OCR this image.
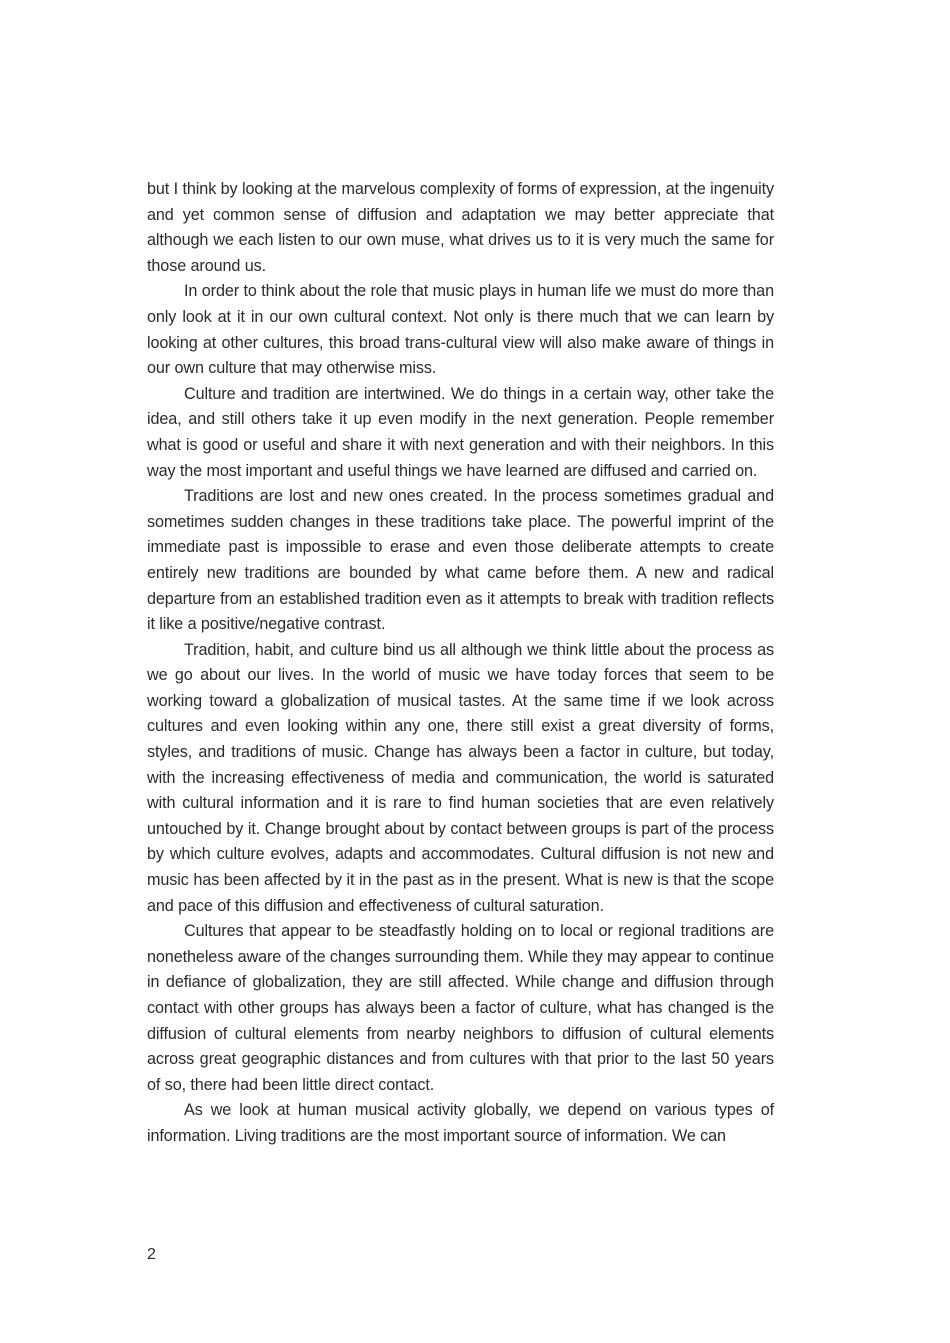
but I think by looking at the marvelous complexity of forms of expression, at the ingenuity and yet common sense of diffusion and adaptation we may better appreciate that although we each listen to our own muse, what drives us to it is very much the same for those around us.

In order to think about the role that music plays in human life we must do more than only look at it in our own cultural context. Not only is there much that we can learn by looking at other cultures, this broad trans-cultural view will also make aware of things in our own culture that may otherwise miss.

Culture and tradition are intertwined. We do things in a certain way, other take the idea, and still others take it up even modify in the next generation. People remember what is good or useful and share it with next generation and with their neighbors. In this way the most important and useful things we have learned are diffused and carried on.

Traditions are lost and new ones created. In the process sometimes gradual and sometimes sudden changes in these traditions take place. The powerful imprint of the immediate past is impossible to erase and even those deliberate attempts to create entirely new traditions are bounded by what came before them. A new and radical departure from an established tradition even as it attempts to break with tradition reflects it like a positive/negative contrast.

Tradition, habit, and culture bind us all although we think little about the process as we go about our lives. In the world of music we have today forces that seem to be working toward a globalization of musical tastes. At the same time if we look across cultures and even looking within any one, there still exist a great diversity of forms, styles, and traditions of music. Change has always been a factor in culture, but today, with the increasing effectiveness of media and communication, the world is saturated with cultural information and it is rare to find human societies that are even relatively untouched by it. Change brought about by contact between groups is part of the process by which culture evolves, adapts and accommodates. Cultural diffusion is not new and music has been affected by it in the past as in the present. What is new is that the scope and pace of this diffusion and effectiveness of cultural saturation.

Cultures that appear to be steadfastly holding on to local or regional traditions are nonetheless aware of the changes surrounding them. While they may appear to continue in defiance of globalization, they are still affected. While change and diffusion through contact with other groups has always been a factor of culture, what has changed is the diffusion of cultural elements from nearby neighbors to diffusion of cultural elements across great geographic distances and from cultures with that prior to the last 50 years of so, there had been little direct contact.

As we look at human musical activity globally, we depend on various types of information. Living traditions are the most important source of information. We can

2
